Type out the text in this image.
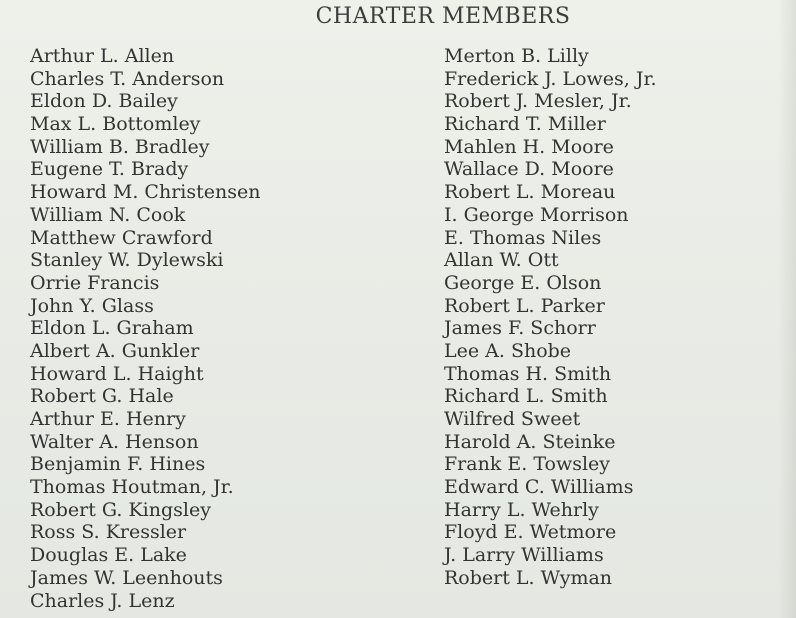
CHARTER MEMBERS
Arthur L. Allen
Charles T. Anderson
Eldon D. Bailey
Max L. Bottomley
William B. Bradley
Eugene T. Brady
Howard M. Christensen
William N. Cook
Matthew Crawford
Stanley W. Dylewski
Orrie Francis
John Y. Glass
Eldon L. Graham
Albert A. Gunkler
Howard L. Haight
Robert G. Hale
Arthur E. Henry
Walter A. Henson
Benjamin F. Hines
Thomas Houtman, Jr.
Robert G. Kingsley
Ross S. Kressler
Douglas E. Lake
James W. Leenhouts
Charles J. Lenz
Merton B. Lilly
Frederick J. Lowes, Jr.
Robert J. Mesler, Jr.
Richard T. Miller
Mahlen H. Moore
Wallace D. Moore
Robert L. Moreau
I. George Morrison
E. Thomas Niles
Allan W. Ott
George E. Olson
Robert L. Parker
James F. Schorr
Lee A. Shobe
Thomas H. Smith
Richard L. Smith
Wilfred Sweet
Harold A. Steinke
Frank E. Towsley
Edward C. Williams
Harry L. Wehrly
Floyd E. Wetmore
J. Larry Williams
Robert L. Wyman
